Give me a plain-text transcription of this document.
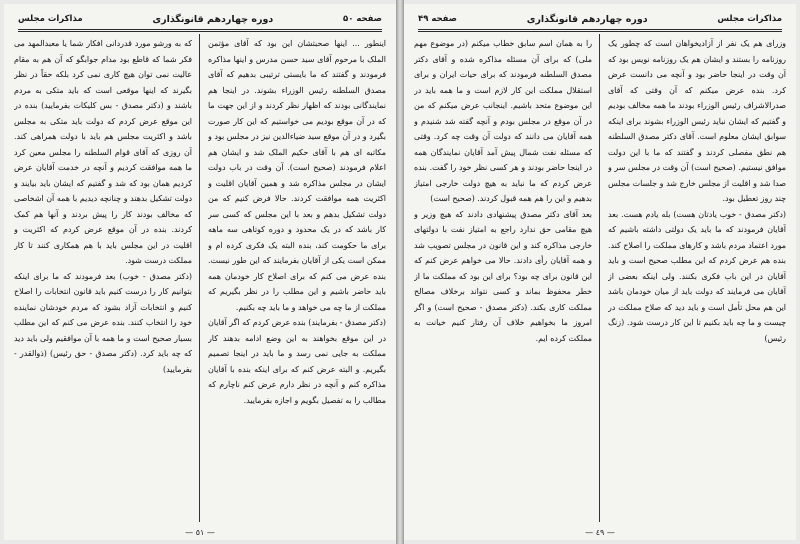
صفحه ۵۰
دوره چهاردهم قانونگذاری
مذاکرات مجلس

اینطور ... اینها صحبتشان این بود که آقای مؤتمن الملک با مرحوم آقای سید حسن مدرس و اینها مذاکره فرمودند و گفتند که ما بایستی ترتیبی بدهیم که آقای مصدق السلطنه رئیس الوزراء بشوند. در اینجا هم نمایندگانی بودند که اظهار نظر کردند و از این جهت ما که در آن موقع بودیم می خواستیم که این کار صورت بگیرد و در آن موقع سید ضیاءالدین نیز در مجلس بود و مکاتبه ای هم با آقای حکیم الملک شد و ایشان هم اعلام فرمودند (صحیح است). آن وقت در باب دولت ایشان در مجلس مذاکره شد و همین آقایان اقلیت و اکثریت همه موافقت کردند. حالا فرض کنیم که من دولت تشکیل بدهم و بعد با این مجلس که کسی سر کار باشد که در یک محدود و دوره کوتاهی سه ماهه برای ما حکومت کند، بنده البته یک فکری کرده ام و ممکن است یکی از آقایان بفرمایند که این طور نیست. بنده عرض می کنم که برای اصلاح کار خودمان همه باید حاضر باشیم و این مطلب را در نظر بگیریم که مملکت از ما چه می خواهد و ما باید چه بکنیم.

(دکتر مصدق - بفرمایند) بنده عرض کردم که اگر آقایان در این موقع بخواهند به این وضع ادامه بدهند کار مملکت به جایی نمی رسد و ما باید در اینجا تصمیم بگیریم. و البته عرض کنم که برای اینکه بنده با آقایان مذاکره کنم و آنچه در نظر دارم عرض کنم ناچارم که مطالب را به تفصیل بگویم و اجازه بفرمایید.

که به ورشو مورد قدردانی افکار شما یا معبدالمهد می فکر شما که قاطع بود مدام جوابگو که آن هم به مقام عالیت نمی توان هیچ کاری نمی کرد بلکه حقاً در نظر بگیرند که اینها موقعی است که باید متکی به مردم باشند و (دکتر مصدق - بس کلیکات بفرمایید) بنده در این موقع عرض کردم که دولت باید متکی به مجلس باشد و اکثریت مجلس هم باید با دولت همراهی کند. آن روزی که آقای قوام السلطنه را مجلس معین کرد ما همه موافقت کردیم و آنچه در خدمت آقایان عرض کردیم همان بود که شد و گفتیم که ایشان باید بیایند و دولت تشکیل بدهند و چنانچه دیدیم با همه آن اشخاصی که مخالف بودند کار را پیش بردند و آنها هم کمک کردند. بنده در آن موقع عرض کردم که اکثریت و اقلیت در این مجلس باید با هم همکاری کنند تا کار مملکت درست شود.

(دکتر مصدق - خوب) بعد فرمودند که ما برای اینکه بتوانیم کار را درست کنیم باید قانون انتخابات را اصلاح کنیم و انتخابات آزاد بشود که مردم خودشان نماینده خود را انتخاب کنند. بنده عرض می کنم که این مطلب بسیار صحیح است و ما همه با آن موافقیم ولی باید دید که چه باید کرد. (دکتر مصدق - حق رئیس) (ذوالقدر - بفرمایید)

— ٥١ —
مذاکرات مجلس
دوره چهاردهم قانونگذاری
صفحه ۴۹

وزرای هم یک نفر از آزادیخواهان است که چطور یک روزنامه را بستند و ایشان هم یک روزنامه نویس بود که آن وقت در اینجا حاضر بود و آنچه می دانست عرض کرد. بنده عرض میکنم که آن وقتی که آقای صدرالاشراف رئیس الوزراء بودند ما همه مخالف بودیم و گفتیم که ایشان نباید رئیس الوزراء بشوند برای اینکه سوابق ایشان معلوم است. آقای دکتر مصدق السلطنه هم نطق مفصلی کردند و گفتند که ما با این دولت موافق نیستیم. (صحیح است) آن وقت در مجلس سر و صدا شد و اقلیت از مجلس خارج شد و جلسات مجلس چند روز تعطیل بود.

(دکتر مصدق - خوب یادتان هست) بله یادم هست. بعد آقایان فرمودند که ما باید یک دولتی داشته باشیم که مورد اعتماد مردم باشد و کارهای مملکت را اصلاح کند. بنده هم عرض کردم که این مطلب صحیح است و باید آقایان در این باب فکری بکنند. ولی اینکه بعضی از آقایان می فرمایند که دولت باید از میان خودمان باشد این هم محل تأمل است و باید دید که صلاح مملکت در چیست و ما چه باید بکنیم تا این کار درست شود. (زنگ رئیس)

را به همان اسم سابق خطاب میکنم (در موضوع مهم ملی) که برای آن مسئله مذاکره شده و آقای دکتر مصدق السلطنه فرمودند که برای حیات ایران و برای استقلال مملکت این کار لازم است و ما همه باید در این موضوع متحد باشیم. اینجانب عرض میکنم که من در آن موقع در مجلس بودم و آنچه گفته شد شنیدم و همه آقایان می دانند که دولت آن وقت چه کرد. وقتی که مسئله نفت شمال پیش آمد آقایان نمایندگان همه در اینجا حاضر بودند و هر کسی نظر خود را گفت. بنده عرض کردم که ما نباید به هیچ دولت خارجی امتیاز بدهیم و این را هم همه قبول کردند. (صحیح است)

بعد آقای دکتر مصدق پیشنهادی دادند که هیچ وزیر و هیچ مقامی حق ندارد راجع به امتیاز نفت با دولتهای خارجی مذاکره کند و این قانون در مجلس تصویب شد و همه آقایان رأی دادند. حالا می خواهم عرض کنم که این قانون برای چه بود؟ برای این بود که مملکت ما از خطر محفوظ بماند و کسی نتواند برخلاف مصالح مملکت کاری بکند. (دکتر مصدق - صحیح است) و اگر امروز ما بخواهیم خلاف آن رفتار کنیم خیانت به مملکت کرده ایم.

— ٤٩ —
